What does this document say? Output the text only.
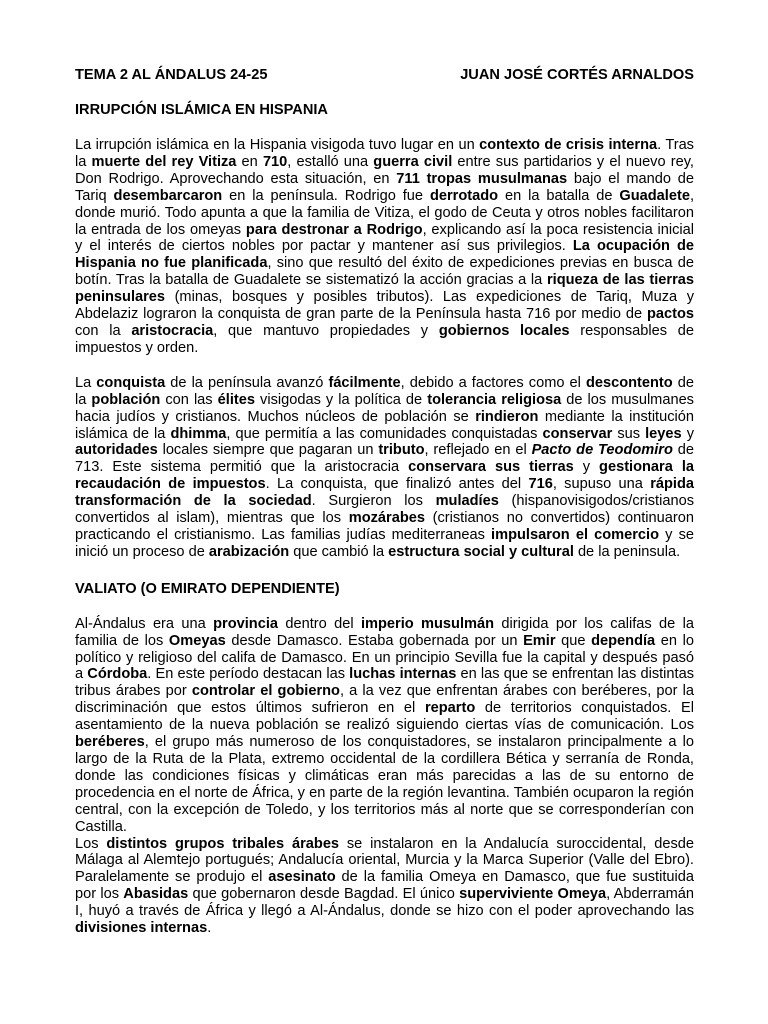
TEMA 2 AL ÁNDALUS 24-25	JUAN JOSÉ CORTÉS ARNALDOS
IRRUPCIÓN ISLÁMICA EN HISPANIA

La irrupción islámica en la Hispania visigoda tuvo lugar en un contexto de crisis interna. Tras la muerte del rey Vitiza en 710, estalló una guerra civil entre sus partidarios y el nuevo rey, Don Rodrigo. Aprovechando esta situación, en 711 tropas musulmanas bajo el mando de Tariq desembarcaron en la península. Rodrigo fue derrotado en la batalla de Guadalete, donde murió. Todo apunta a que la familia de Vitiza, el godo de Ceuta y otros nobles facilitaron la entrada de los omeyas para destronar a Rodrigo, explicando así la poca resistencia inicial y el interés de ciertos nobles por pactar y mantener así sus privilegios. La ocupación de Hispania no fue planificada, sino que resultó del éxito de expediciones previas en busca de botín. Tras la batalla de Guadalete se sistematizó la acción gracias a la riqueza de las tierras peninsulares (minas, bosques y posibles tributos). Las expediciones de Tariq, Muza y Abdelaziz lograron la conquista de gran parte de la Península hasta 716 por medio de pactos con la aristocracia, que mantuvo propiedades y gobiernos locales responsables de impuestos y orden.

La conquista de la península avanzó fácilmente, debido a factores como el descontento de la población con las élites visigodas y la política de tolerancia religiosa de los musulmanes hacia judíos y cristianos. Muchos núcleos de población se rindieron mediante la institución islámica de la dhimma, que permitía a las comunidades conquistadas conservar sus leyes y autoridades locales siempre que pagaran un tributo, reflejado en el Pacto de Teodomiro de 713. Este sistema permitió que la aristocracia conservara sus tierras y gestionara la recaudación de impuestos. La conquista, que finalizó antes del 716, supuso una rápida transformación de la sociedad. Surgieron los muladíes (hispanovisigodos/cristianos convertidos al islam), mientras que los mozárabes (cristianos no convertidos) continuaron practicando el cristianismo. Las familias judías mediterraneas impulsaron el comercio y se inició un proceso de arabización que cambió la estructura social y cultural de la peninsula.

VALIATO (O EMIRATO DEPENDIENTE)

Al-Ándalus era una provincia dentro del imperio musulmán dirigida por los califas de la familia de los Omeyas desde Damasco. Estaba gobernada por un Emir que dependía en lo político y religioso del califa de Damasco. En un principio Sevilla fue la capital y después pasó a Córdoba. En este período destacan las luchas internas en las que se enfrentan las distintas tribus árabes por controlar el gobierno, a la vez que enfrentan árabes con beréberes, por la discriminación que estos últimos sufrieron en el reparto de territorios conquistados. El asentamiento de la nueva población se realizó siguiendo ciertas vías de comunicación. Los beréberes, el grupo más numeroso de los conquistadores, se instalaron principalmente a lo largo de la Ruta de la Plata, extremo occidental de la cordillera Bética y serranía de Ronda, donde las condiciones físicas y climáticas eran más parecidas a las de su entorno de procedencia en el norte de África, y en parte de la región levantina. También ocuparon la región central, con la excepción de Toledo, y los territorios más al norte que se corresponderían con Castilla.
Los distintos grupos tribales árabes se instalaron en la Andalucía suroccidental, desde Málaga al Alemtejo portugués; Andalucía oriental, Murcia y la Marca Superior (Valle del Ebro). Paralelamente se produjo el asesinato de la familia Omeya en Damasco, que fue sustituida por los Abasidas que gobernaron desde Bagdad. El único superviviente Omeya, Abderramán I, huyó a través de África y llegó a Al-Ándalus, donde se hizo con el poder aprovechando las divisiones internas.
